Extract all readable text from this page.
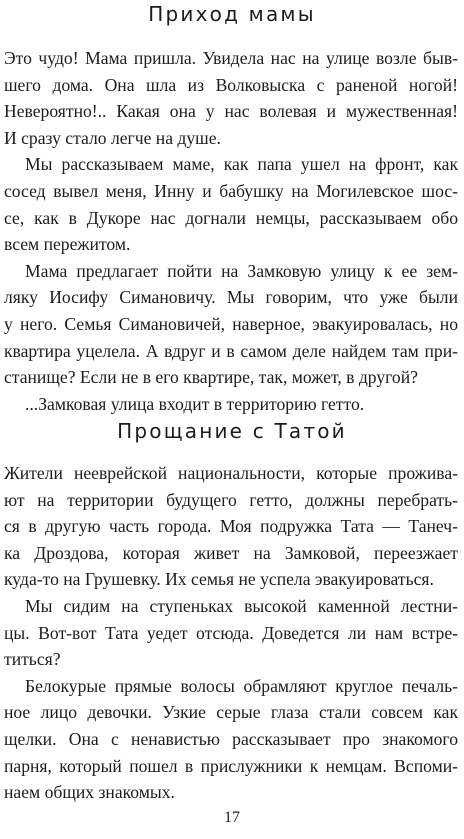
Приход мамы
Это чудо! Мама пришла. Увидела нас на улице возле быв-
шего дома. Она шла из Волковыска с раненой ногой!
Невероятно!.. Какая она у нас волевая и мужественная!
И сразу стало легче на душе.
Мы рассказываем маме, как папа ушел на фронт, как
сосед вывел меня, Инну и бабушку на Могилевское шос-
се, как в Дукоре нас догнали немцы, рассказываем обо
всем пережитом.
Мама предлагает пойти на Замковую улицу к ее зем-
ляку Иосифу Симановичу. Мы говорим, что уже были
у него. Семья Симановичей, наверное, эвакуировалась, но
квартира уцелела. А вдруг и в самом деле найдем там при-
станище? Если не в его квартире, так, может, в другой?
...Замковая улица входит в территорию гетто.
Прощание с Татой
Жители нееврейской национальности, которые прожива-
ют на территории будущего гетто, должны перебрать-
ся в другую часть города. Моя подружка Тата — Танеч-
ка Дроздова, которая живет на Замковой, переезжает
куда-то на Грушевку. Их семья не успела эвакуироваться.
Мы сидим на ступеньках высокой каменной лестни-
цы. Вот-вот Тата уедет отсюда. Доведется ли нам встре-
титься?
Белокурые прямые волосы обрамляют круглое печаль-
ное лицо девочки. Узкие серые глаза стали совсем как
щелки. Она с ненавистью рассказывает про знакомого
парня, который пошел в прислужники к немцам. Вспоми-
наем общих знакомых.
17
